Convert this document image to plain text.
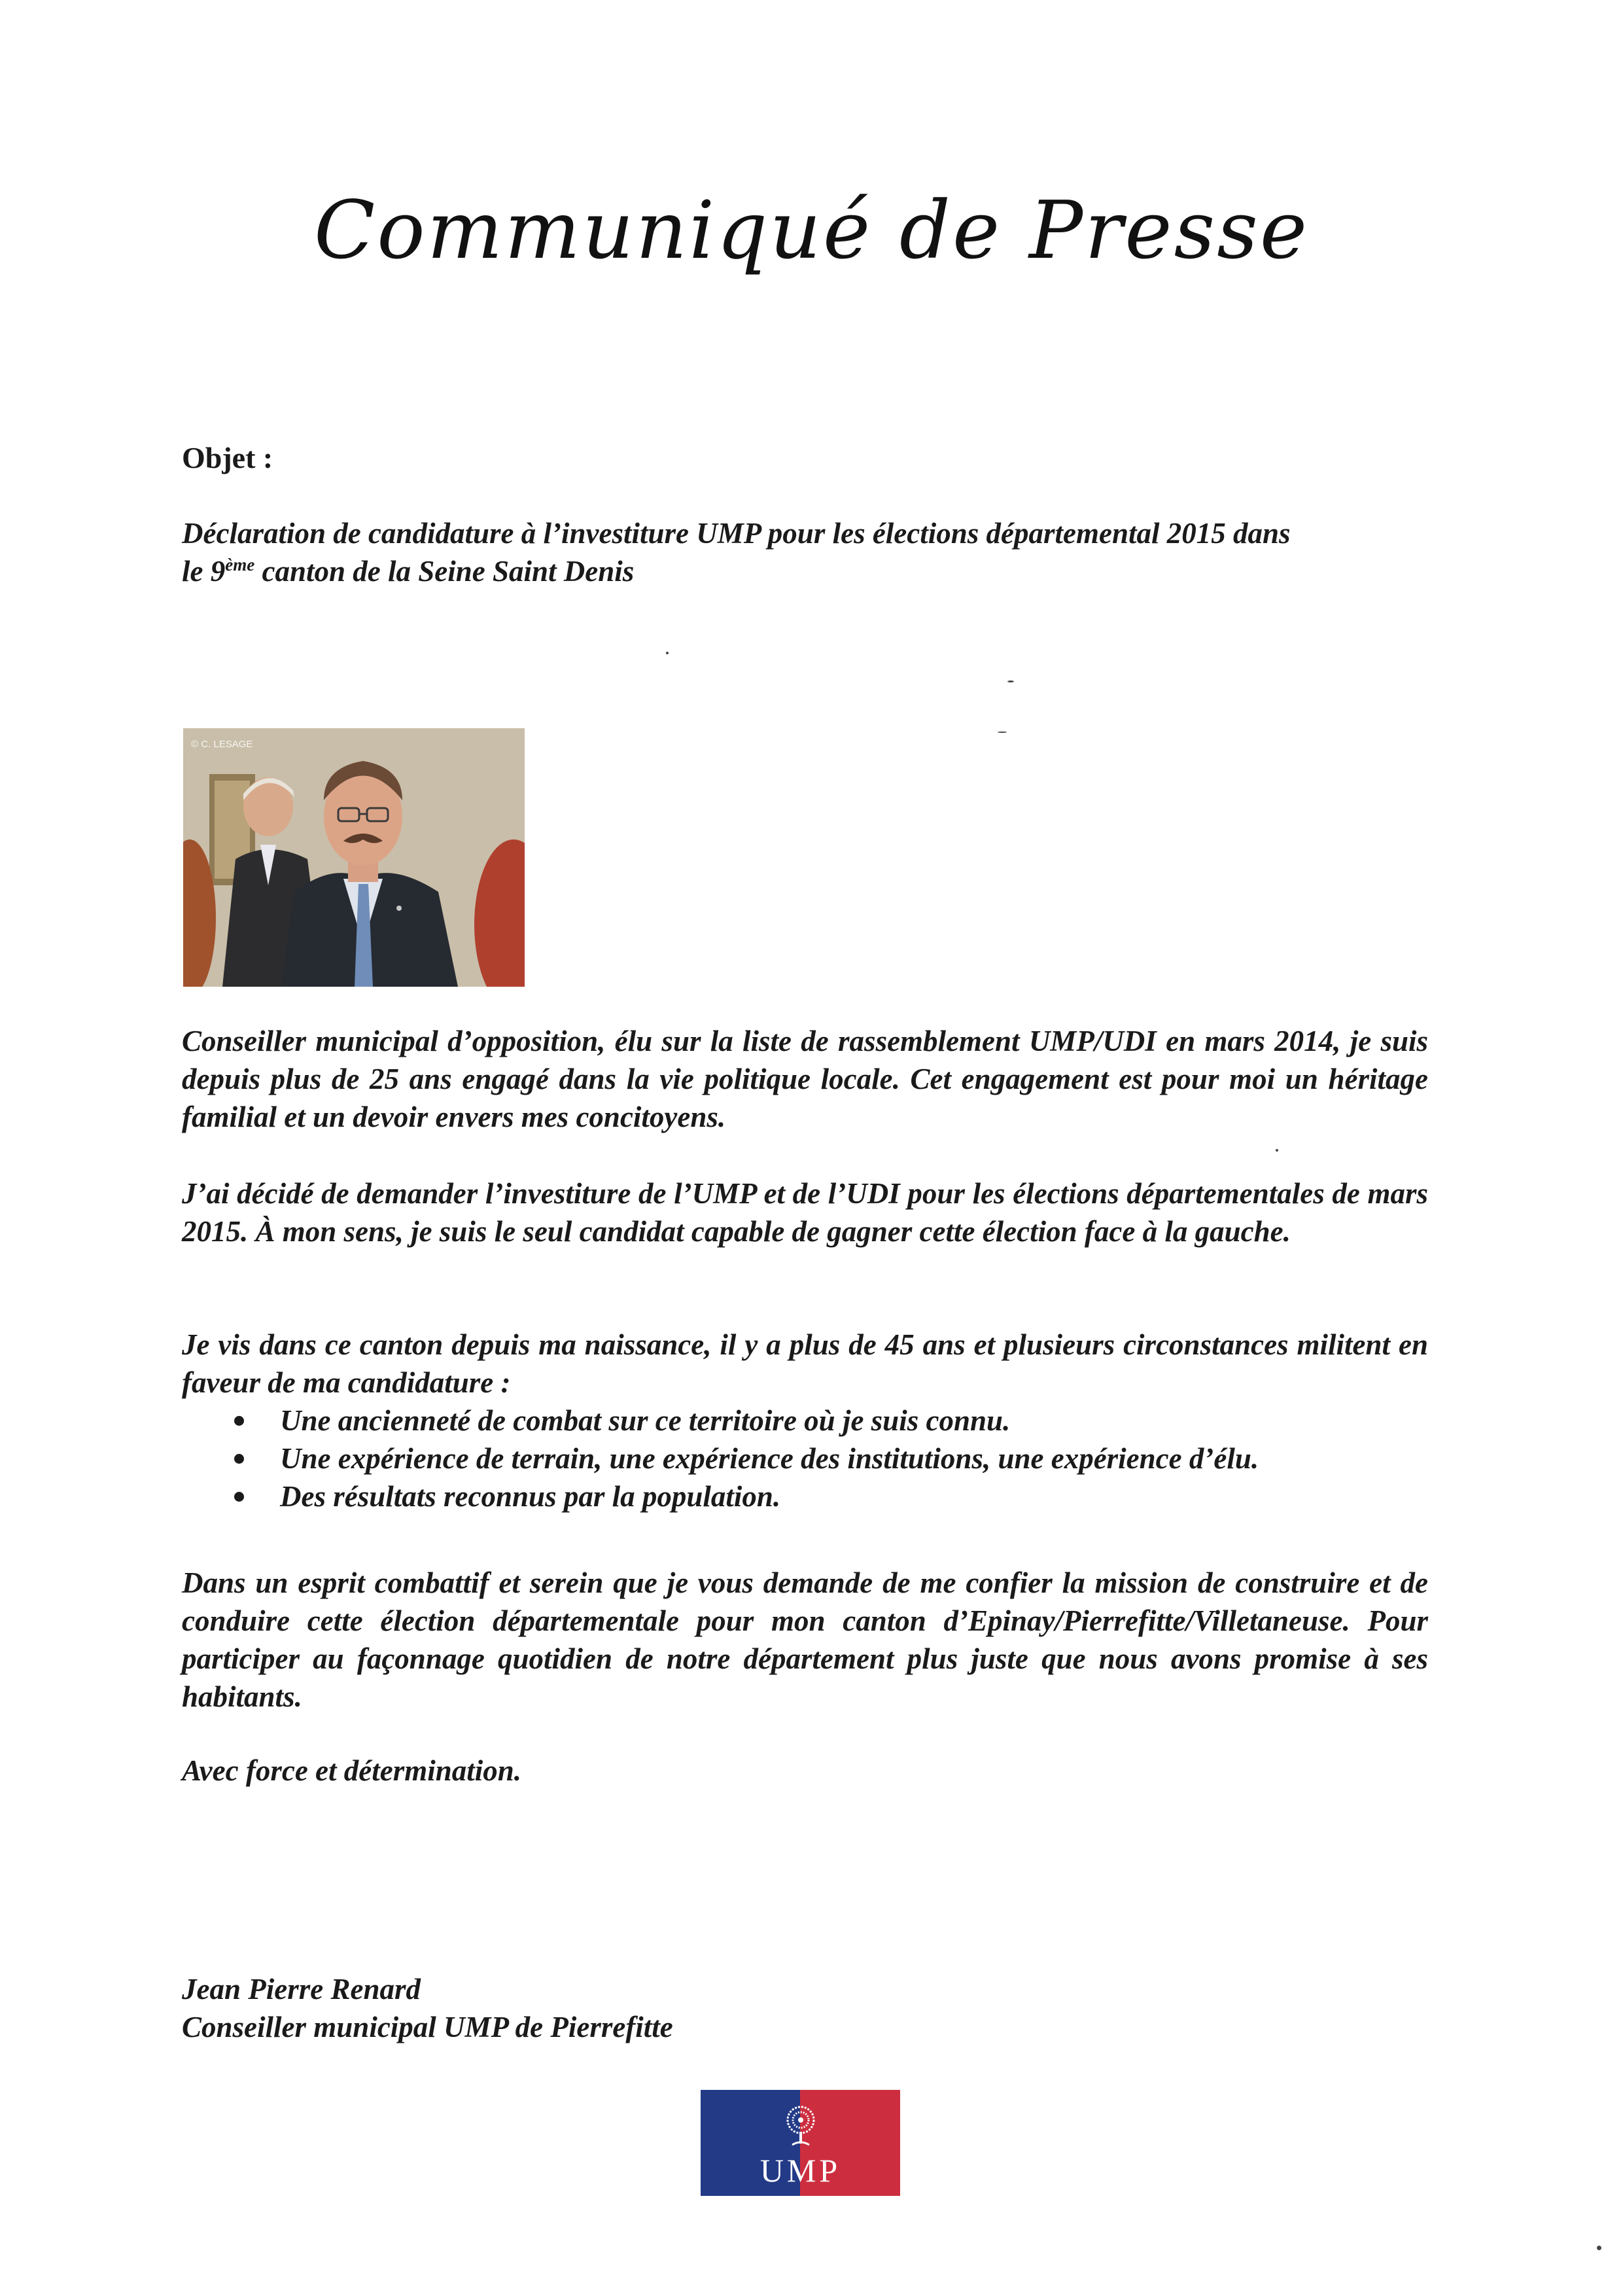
Communiqué de Presse
Objet :
Déclaration de candidature à l’investiture UMP pour les élections départemental 2015 dans
le 9ème canton de la Seine Saint Denis
© C. LESAGE
Conseiller municipal d’opposition, élu sur la liste de rassemblement UMP/UDI en mars 2014, je suis depuis plus de 25 ans engagé dans la vie politique locale. Cet engagement est pour moi un héritage familial et un devoir envers mes concitoyens.
J’ai décidé de demander l’investiture de l’UMP et de l’UDI pour les élections départementales de mars 2015. À mon sens, je suis le seul candidat capable de gagner cette élection face à la gauche.
Je vis dans ce canton depuis ma naissance, il y a plus de 45 ans et plusieurs circonstances militent en faveur de ma candidature :
Une ancienneté de combat sur ce territoire où je suis connu.
Une expérience de terrain, une expérience des institutions, une expérience d’élu.
Des résultats reconnus par la population.
Dans un esprit combattif et serein que je vous demande de me confier la mission de construire et de conduire cette élection départementale pour mon canton d’Epinay/Pierrefitte/Villetaneuse. Pour participer au façonnage quotidien de notre département plus juste que nous avons promise à ses habitants.
Avec force et détermination.
Jean Pierre Renard
Conseiller municipal UMP de Pierrefitte
UMP
